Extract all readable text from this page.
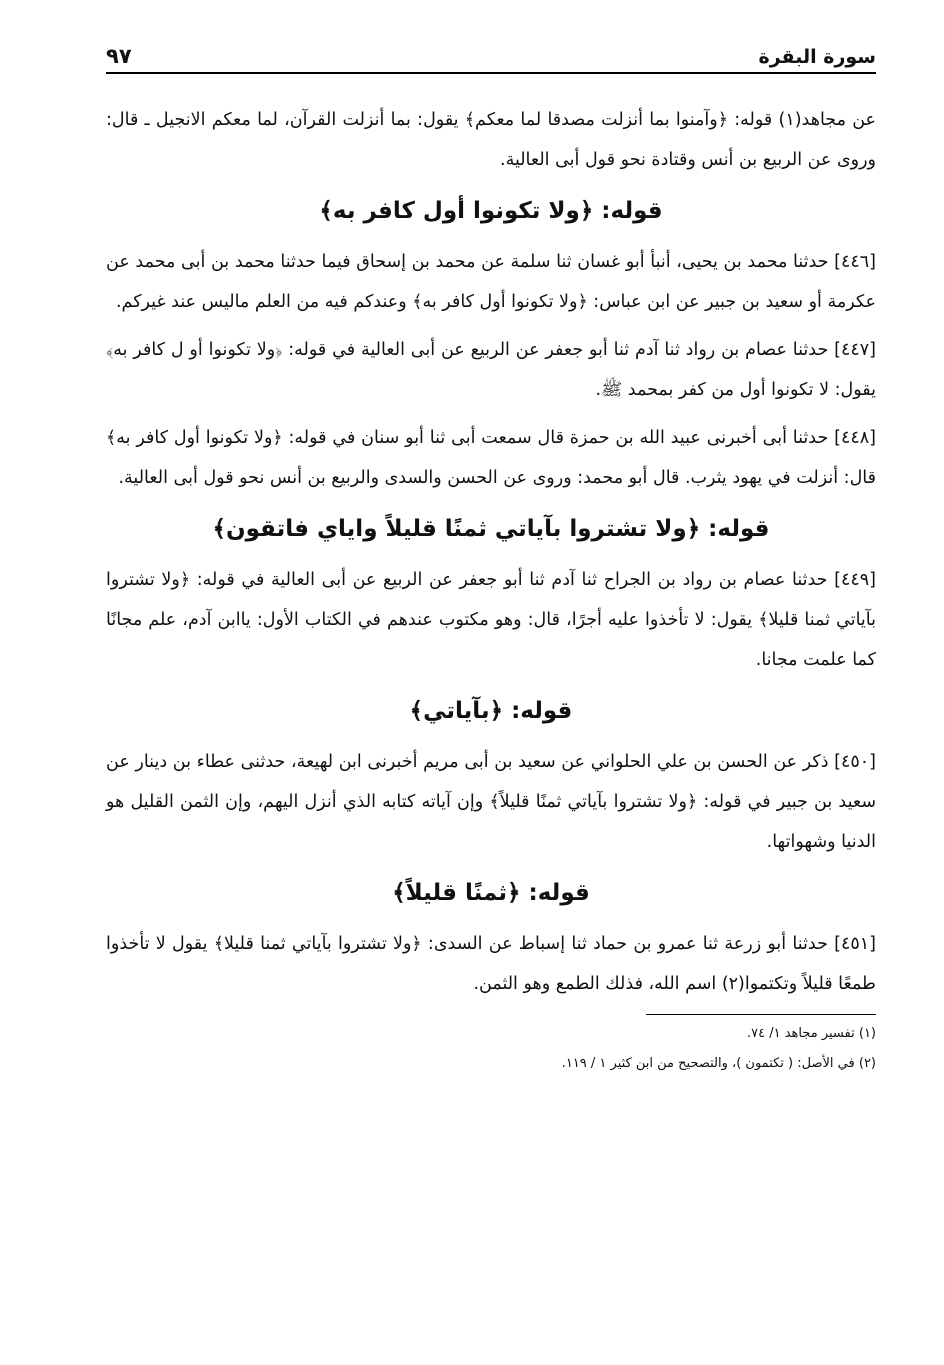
سورة البقرة
٩٧

عن مجاهد(١) قوله: ﴿وآمنوا بما أنزلت مصدقا لما معكم﴾ يقول: بما أنزلت القرآن، لما معكم الانجيل ـ قال: وروى عن الربيع بن أنس وقتادة نحو قول أبى العالية.

قوله: ﴿ولا تكونوا أول كافر به﴾

[٤٤٦] حدثنا محمد بن يحيى، أنبأ أبو غسان ثنا سلمة عن محمد بن إسحاق فيما حدثنا محمد بن أبى محمد عن عكرمة أو سعيد بن جبير عن ابن عباس: ﴿ولا تكونوا أول كافر به﴾ وعندكم فيه من العلم ماليس عند غيركم.

[٤٤٧] حدثنا عصام بن رواد ثنا آدم ثنا أبو جعفر عن الربيع عن أبى العالية في قوله: ﴿ولا تكونوا أو ل كافر به﴾ يقول: لا تكونوا أول من كفر بمحمد ﷺ.

[٤٤٨] حدثنا أبى أخبرنى عبيد الله بن حمزة قال سمعت أبى ثنا أبو سنان في قوله: ﴿ولا تكونوا أول كافر به﴾ قال: أنزلت في يهود يثرب. قال أبو محمد: وروى عن الحسن والسدى والربيع بن أنس نحو قول أبى العالية.

قوله: ﴿ولا تشتروا بآياتي ثمنًا قليلاً واياي فاتقون﴾

[٤٤٩] حدثنا عصام بن رواد بن الجراح ثنا آدم ثنا أبو جعفر عن الربيع عن أبى العالية في قوله: ﴿ولا تشتروا بآياتي ثمنا قليلا﴾ يقول: لا تأخذوا عليه أجرًا، قال: وهو مكتوب عندهم في الكتاب الأول: ياابن آدم، علم مجانًا كما علمت مجانا.

قوله: ﴿بآياتي﴾

[٤٥٠] ذكر عن الحسن بن علي الحلواني عن سعيد بن أبى مريم أخبرنى ابن لهيعة، حدثنى عطاء بن دينار عن سعيد بن جبير في قوله: ﴿ولا تشتروا بآياتي ثمنًا قليلاً﴾ وإن آياته كتابه الذي أنزل اليهم، وإن الثمن القليل هو الدنيا وشهواتها.

قوله: ﴿ثمنًا قليلاً﴾

[٤٥١] حدثنا أبو زرعة ثنا عمرو بن حماد ثنا إسباط عن السدى: ﴿ولا تشتروا بآياتي ثمنا قليلا﴾ يقول لا تأخذوا طمعًا قليلاً وتكتموا(٢) اسم الله، فذلك الطمع وهو الثمن.

(١) تفسير مجاهد ١/ ٧٤.
(٢) في الأصل: ( تكتمون )، والتصحيح من ابن كثير ١ / ١١٩.
